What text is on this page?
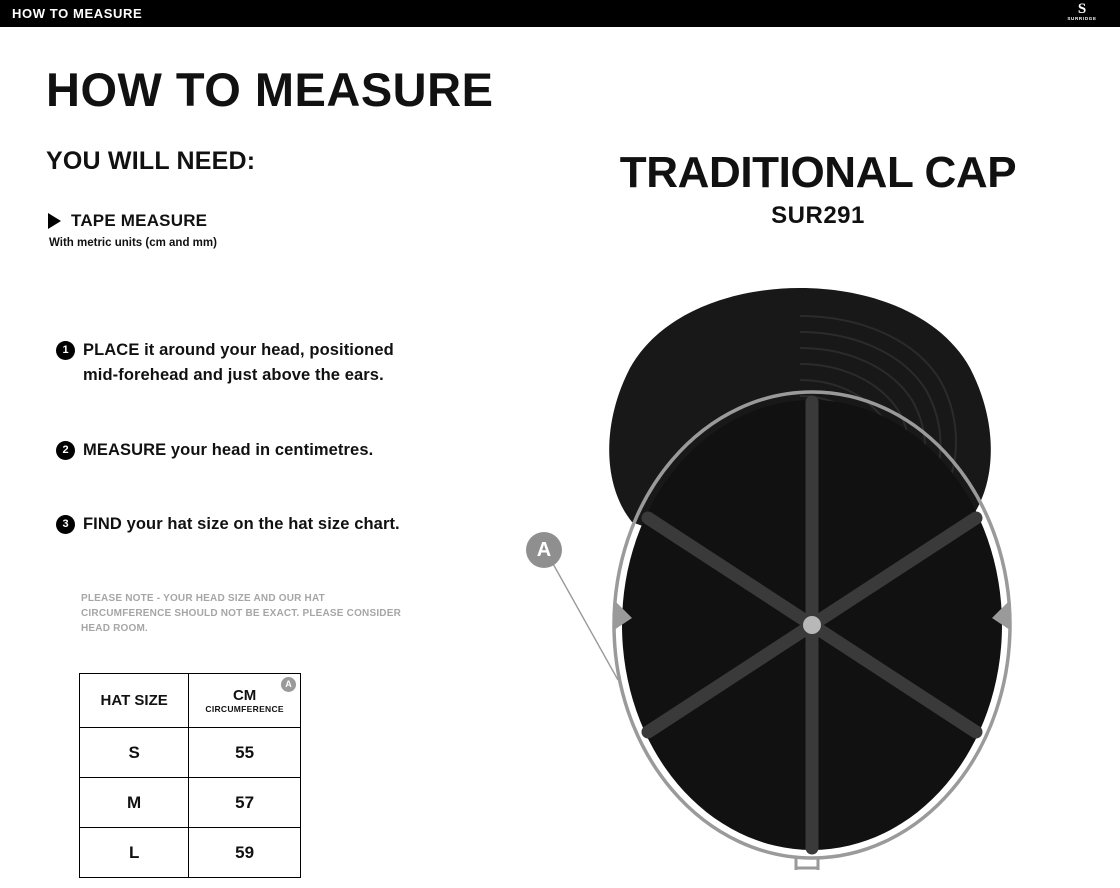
HOW TO MEASURE	S
SURRIDGE
HOW TO MEASURE
YOU WILL NEED:
TAPE MEASURE
With metric units (cm and mm)
1 PLACE it around your head, positioned mid-forehead and just above the ears.
2 MEASURE your head in centimetres.
3 FIND your hat size on the hat size chart.
PLEASE NOTE - YOUR HEAD SIZE AND OUR HAT CIRCUMFERENCE SHOULD NOT BE EXACT. PLEASE CONSIDER HEAD ROOM.
HAT SIZE	CM
CIRCUMFERENCE
A

S	55
M	57
L	59
TRADITIONAL CAP
SUR291
A
